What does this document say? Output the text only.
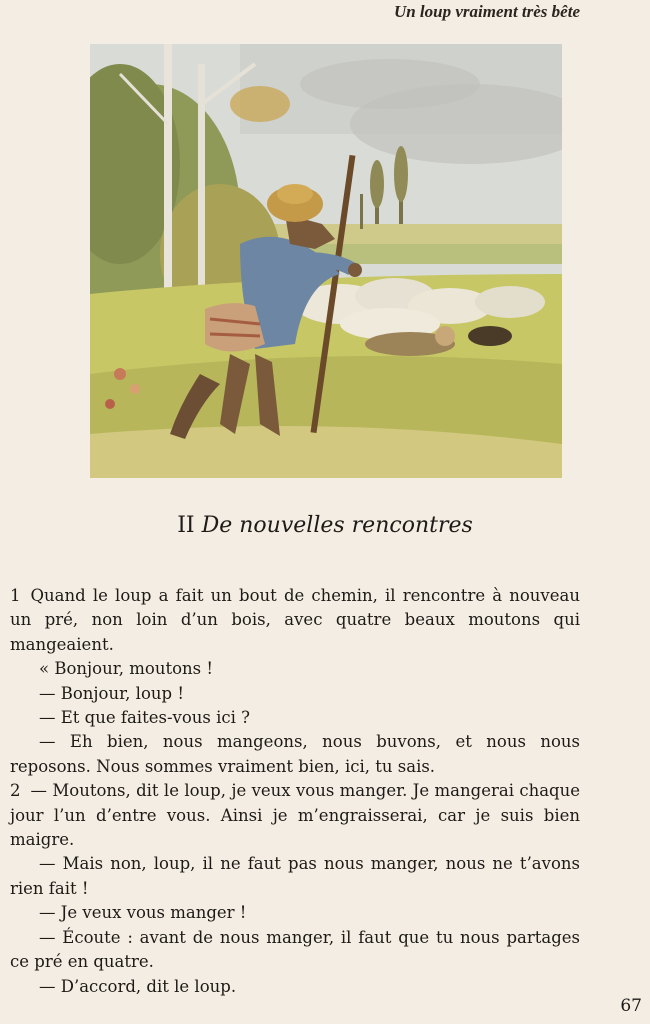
Un loup vraiment très bête
II De nouvelles rencontres

1 Quand le loup a fait un bout de chemin, il rencontre à nouveau un pré, non loin d’un bois, avec quatre beaux moutons qui mangeaient.

« Bonjour, moutons !

— Bonjour, loup !

— Et que faites-vous ici ?

— Eh bien, nous mangeons, nous buvons, et nous nous reposons. Nous sommes vraiment bien, ici, tu sais.

2 — Moutons, dit le loup, je veux vous manger. Je mangerai chaque jour l’un d’entre vous. Ainsi je m’engraisserai, car je suis bien maigre.

— Mais non, loup, il ne faut pas nous manger, nous ne t’avons rien fait !

— Je veux vous manger !

— Écoute : avant de nous manger, il faut que tu nous partages ce pré en quatre.

— D’accord, dit le loup.

67
